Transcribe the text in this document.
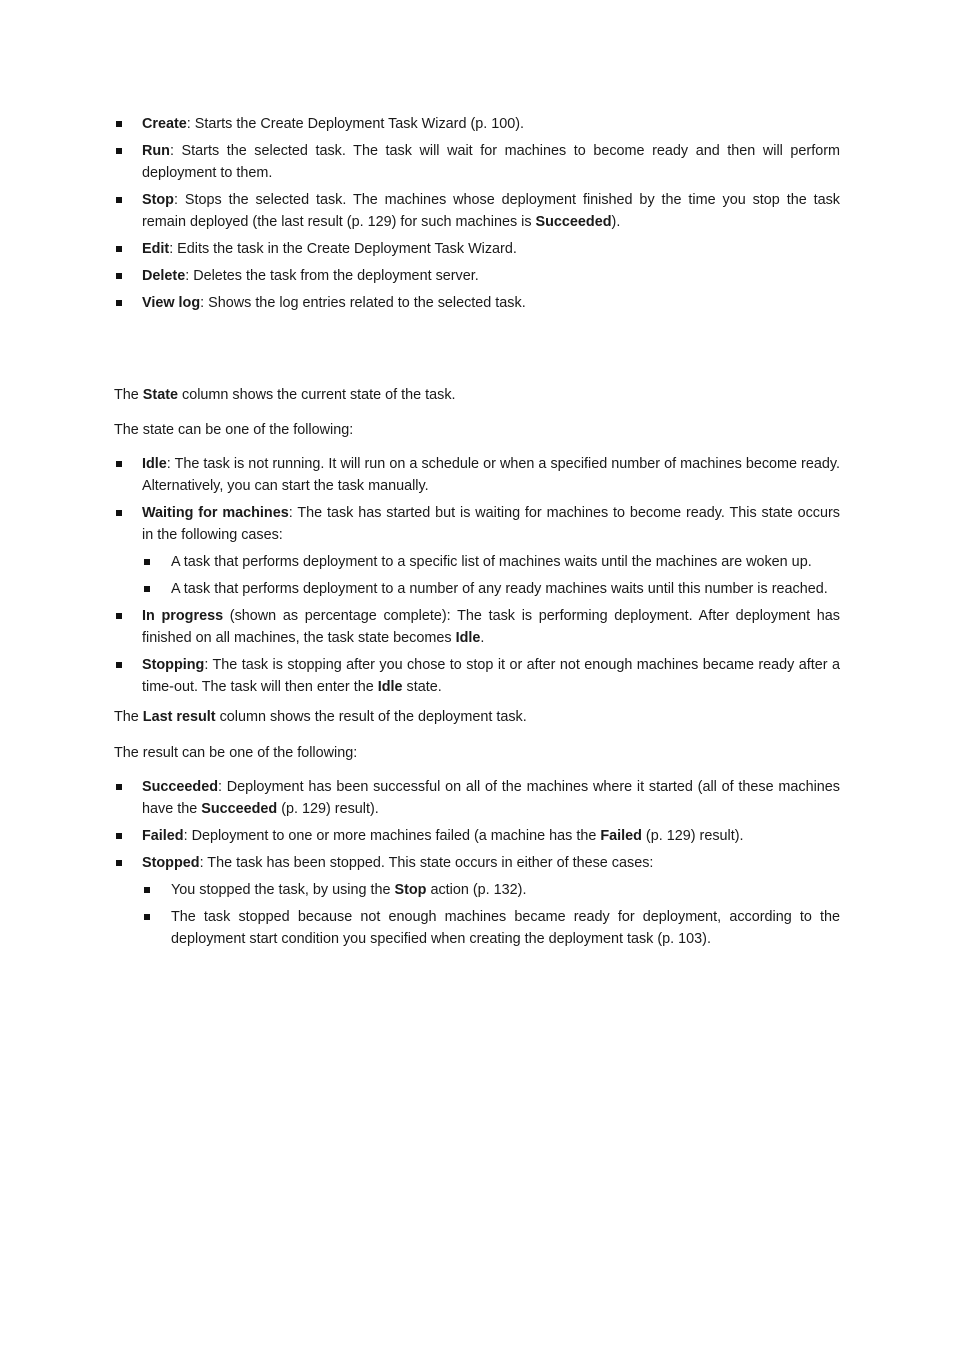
Create: Starts the Create Deployment Task Wizard (p. 100).
Run: Starts the selected task. The task will wait for machines to become ready and then will perform deployment to them.
Stop: Stops the selected task. The machines whose deployment finished by the time you stop the task remain deployed (the last result (p. 129) for such machines is Succeeded).
Edit: Edits the task in the Create Deployment Task Wizard.
Delete: Deletes the task from the deployment server.
View log: Shows the log entries related to the selected task.

The State column shows the current state of the task.

The state can be one of the following:

Idle: The task is not running. It will run on a schedule or when a specified number of machines become ready. Alternatively, you can start the task manually.
Waiting for machines: The task has started but is waiting for machines to become ready. This state occurs in the following cases:
A task that performs deployment to a specific list of machines waits until the machines are woken up.
A task that performs deployment to a number of any ready machines waits until this number is reached.
In progress (shown as percentage complete): The task is performing deployment. After deployment has finished on all machines, the task state becomes Idle.
Stopping: The task is stopping after you chose to stop it or after not enough machines became ready after a time-out. The task will then enter the Idle state.

The Last result column shows the result of the deployment task.

The result can be one of the following:

Succeeded: Deployment has been successful on all of the machines where it started (all of these machines have the Succeeded (p. 129) result).
Failed: Deployment to one or more machines failed (a machine has the Failed (p. 129) result).
Stopped: The task has been stopped. This state occurs in either of these cases:
You stopped the task, by using the Stop action (p. 132).
The task stopped because not enough machines became ready for deployment, according to the deployment start condition you specified when creating the deployment task (p. 103).
